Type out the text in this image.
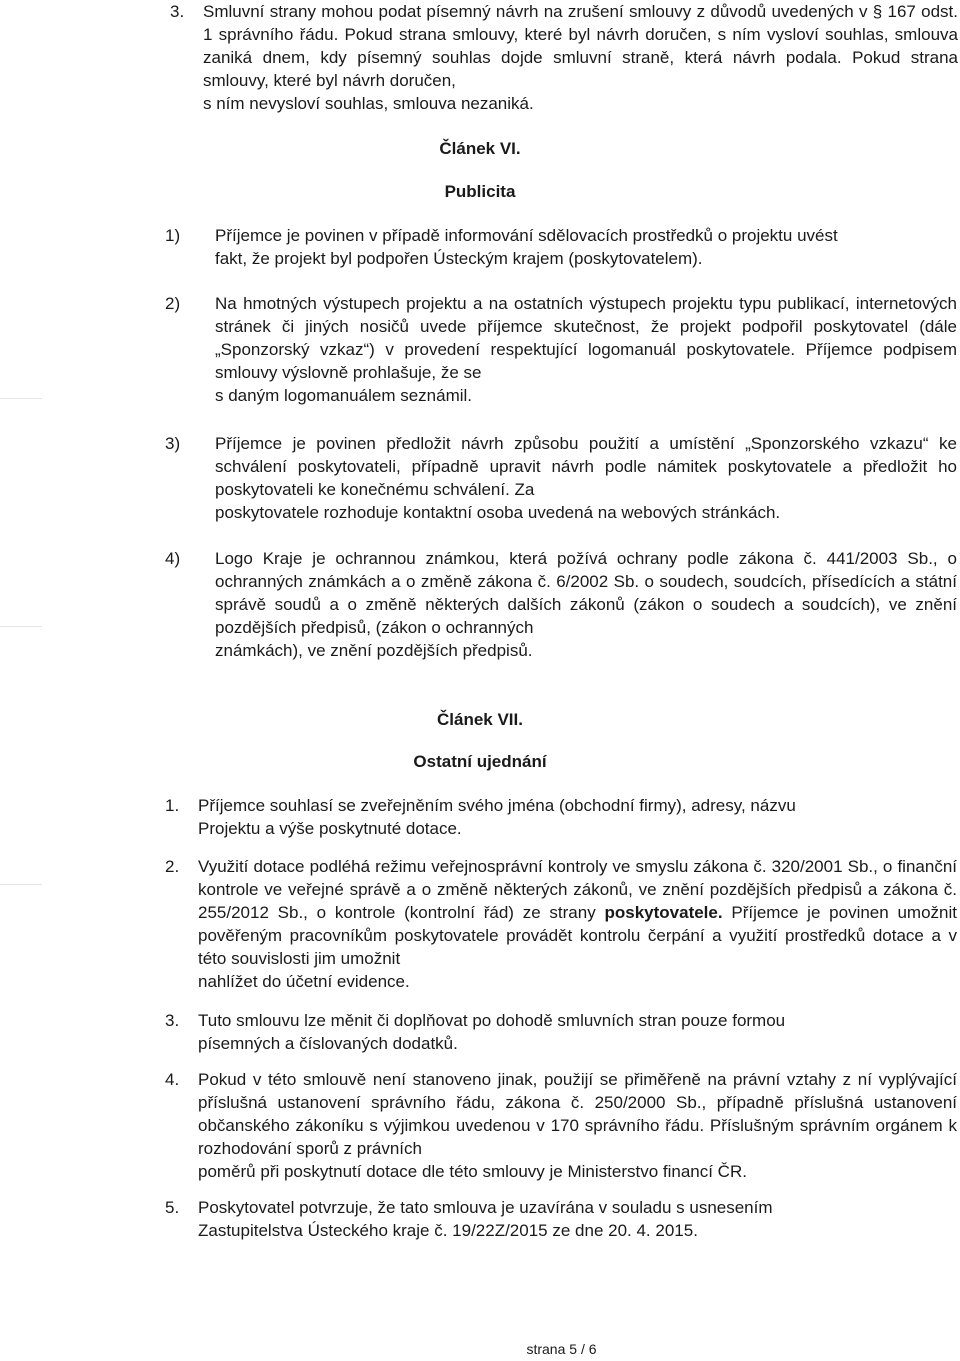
3.	Smluvní strany mohou podat písemný návrh na zrušení smlouvy z důvodů uvedených v § 167 odst. 1 správního řádu. Pokud strana smlouvy, které byl návrh doručen, s ním vysloví souhlas, smlouva zaniká dnem, kdy písemný souhlas dojde smluvní straně, která návrh podala. Pokud strana smlouvy, které byl návrh doručen,
s ním nevysloví souhlas, smlouva nezaniká.
Článek VI.
Publicita
1)	Příjemce je povinen v případě informování sdělovacích prostředků o projektu uvést
fakt, že projekt byl podpořen Ústeckým krajem (poskytovatelem).
2)	Na hmotných výstupech projektu a na ostatních výstupech projektu typu publikací, internetových stránek či jiných nosičů uvede příjemce skutečnost, že projekt podpořil poskytovatel (dále „Sponzorský vzkaz“) v provedení respektující logomanuál poskytovatele. Příjemce podpisem smlouvy výslovně prohlašuje, že se
s daným logomanuálem seznámil.
3)	Příjemce je povinen předložit návrh způsobu použití a umístění „Sponzorského vzkazu“ ke schválení poskytovateli, případně upravit návrh podle námitek poskytovatele a předložit ho poskytovateli ke konečnému schválení. Za
poskytovatele rozhoduje kontaktní osoba uvedená na webových stránkách.
4)	Logo Kraje je ochrannou známkou, která požívá ochrany podle zákona č. 441/2003 Sb., o ochranných známkách a o změně zákona č. 6/2002 Sb. o soudech, soudcích, přísedících a státní správě soudů a o změně některých dalších zákonů (zákon o soudech a soudcích), ve znění pozdějších předpisů, (zákon o ochranných
známkách), ve znění pozdějších předpisů.
Článek VII.
Ostatní ujednání
1.	Příjemce souhlasí se zveřejněním svého jména (obchodní firmy), adresy, názvu
Projektu a výše poskytnuté dotace.
2.	Využití dotace podléhá režimu veřejnosprávní kontroly ve smyslu zákona č. 320/2001 Sb., o finanční kontrole ve veřejné správě a o změně některých zákonů, ve znění pozdějších předpisů a zákona č. 255/2012 Sb., o kontrole (kontrolní řád) ze strany poskytovatele. Příjemce je povinen umožnit pověřeným pracovníkům poskytovatele provádět kontrolu čerpání a využití prostředků dotace a v této souvislosti jim umožnit
nahlížet do účetní evidence.
3.	Tuto smlouvu lze měnit či doplňovat po dohodě smluvních stran pouze formou
písemných a číslovaných dodatků.
4.	Pokud v této smlouvě není stanoveno jinak, použijí se přiměřeně na právní vztahy z ní vyplývající příslušná ustanovení správního řádu, zákona č. 250/2000 Sb., případně příslušná ustanovení občanského zákoníku s výjimkou uvedenou v 170 správního řádu. Příslušným správním orgánem k rozhodování sporů z právních
poměrů při poskytnutí dotace dle této smlouvy je Ministerstvo financí ČR.
5.	Poskytovatel potvrzuje, že tato smlouva je uzavírána v souladu s usnesením
Zastupitelstva Ústeckého kraje č. 19/22Z/2015 ze dne 20. 4. 2015.
strana 5 / 6
